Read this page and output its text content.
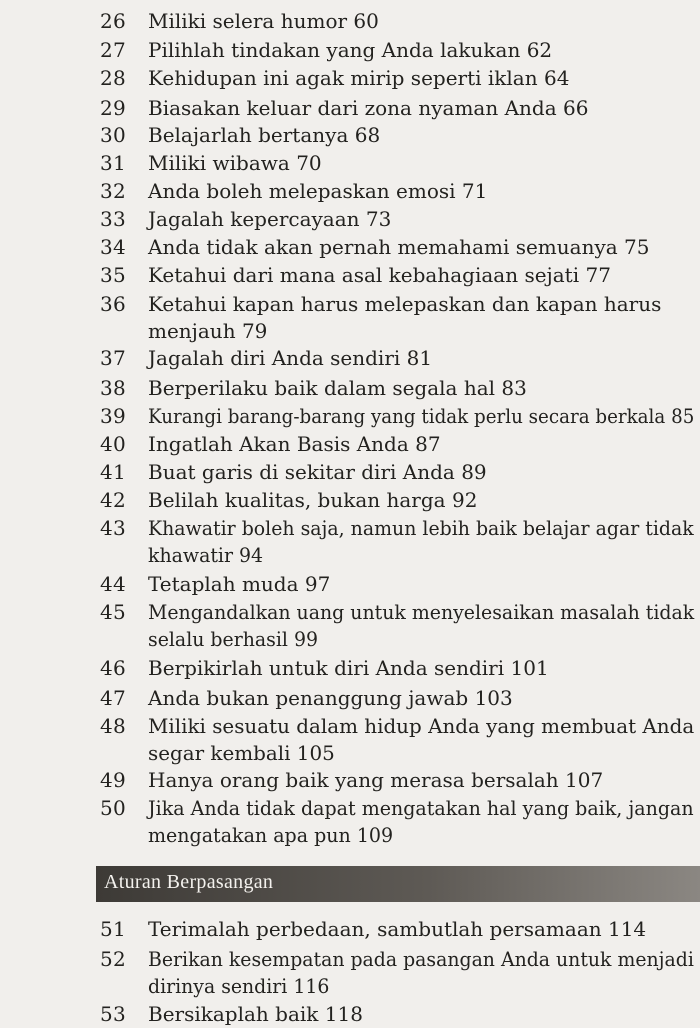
26	Miliki selera humor 60
27	Pilihlah tindakan yang Anda lakukan 62
28	Kehidupan ini agak mirip seperti iklan 64
29	Biasakan keluar dari zona nyaman Anda 66
30	Belajarlah bertanya 68
31	Miliki wibawa 70
32	Anda boleh melepaskan emosi 71
33	Jagalah kepercayaan 73
34	Anda tidak akan pernah memahami semuanya 75
35	Ketahui dari mana asal kebahagiaan sejati 77
36	Ketahui kapan harus melepaskan dan kapan harus
menjauh 79
37	Jagalah diri Anda sendiri 81
38	Berperilaku baik dalam segala hal 83
39	Kurangi barang-barang yang tidak perlu secara berkala 85
40	Ingatlah Akan Basis Anda 87
41	Buat garis di sekitar diri Anda 89
42	Belilah kualitas, bukan harga 92
43	Khawatir boleh saja, namun lebih baik belajar agar tidak
khawatir 94
44	Tetaplah muda 97
45	Mengandalkan uang untuk menyelesaikan masalah tidak
selalu berhasil 99
46	Berpikirlah untuk diri Anda sendiri 101
47	Anda bukan penanggung jawab 103
48	Miliki sesuatu dalam hidup Anda yang membuat Anda
segar kembali 105
49	Hanya orang baik yang merasa bersalah 107
50	Jika Anda tidak dapat mengatakan hal yang baik, jangan
mengatakan apa pun 109
Aturan Berpasangan
51	Terimalah perbedaan, sambutlah persamaan 114
52	Berikan kesempatan pada pasangan Anda untuk menjadi
dirinya sendiri 116
53	Bersikaplah baik 118
